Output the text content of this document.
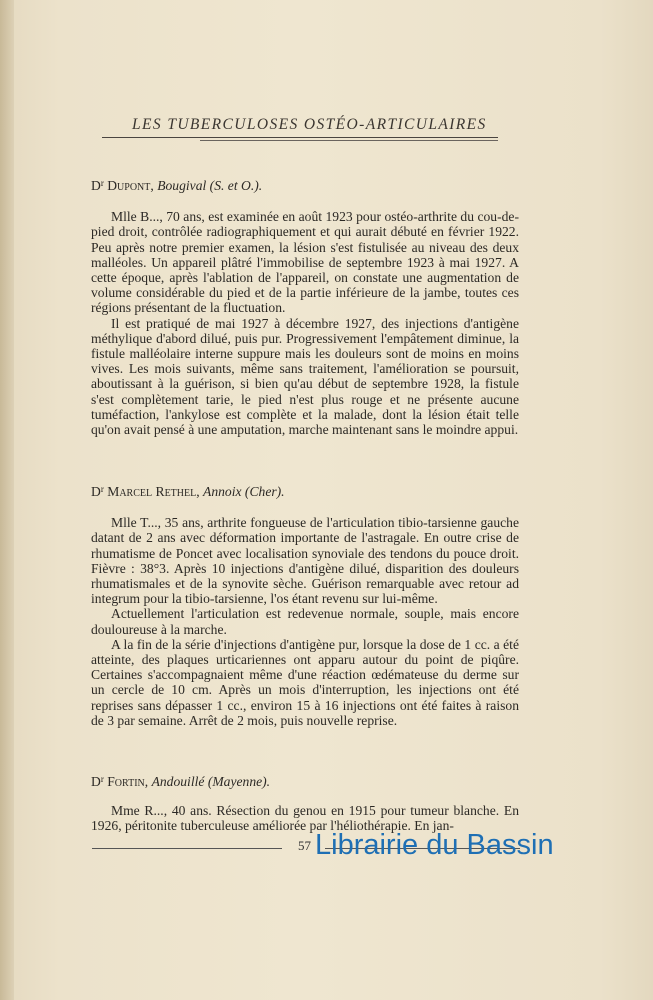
LES TUBERCULOSES OSTÉO-ARTICULAIRES
$D^r$ Dupont, Bougival (S. et O.).

Mlle B..., 70 ans, est examinée en août 1923 pour ostéo-arthrite du cou-de-pied droit, contrôlée radiographiquement et qui aurait débuté en février 1922. Peu après notre premier examen, la lésion s'est fistulisée au niveau des deux malléoles. Un appareil plâtré l'immobilise de septembre 1923 à mai 1927. A cette époque, après l'ablation de l'appareil, on constate une augmentation de volume considérable du pied et de la partie inférieure de la jambe, toutes ces régions présentant de la fluctuation.

Il est pratiqué de mai 1927 à décembre 1927, des injections d'antigène méthylique d'abord dilué, puis pur. Progressivement l'empâtement diminue, la fistule malléolaire interne suppure mais les douleurs sont de moins en moins vives. Les mois suivants, même sans traitement, l'amélioration se poursuit, aboutissant à la guérison, si bien qu'au début de septembre 1928, la fistule s'est complètement tarie, le pied n'est plus rouge et ne présente aucune tuméfaction, l'ankylose est complète et la malade, dont la lésion était telle qu'on avait pensé à une amputation, marche maintenant sans le moindre appui.

$D^r$ Marcel Rethel, Annoix (Cher).

Mlle T..., 35 ans, arthrite fongueuse de l'articulation tibio-tarsienne gauche datant de 2 ans avec déformation importante de l'astragale. En outre crise de rhumatisme de Poncet avec localisation synoviale des tendons du pouce droit. Fièvre : 38°3. Après 10 injections d'antigène dilué, disparition des douleurs rhumatismales et de la synovite sèche. Guérison remarquable avec retour ad integrum pour la tibio-tarsienne, l'os étant revenu sur lui-même.

Actuellement l'articulation est redevenue normale, souple, mais encore douloureuse à la marche.

A la fin de la série d'injections d'antigène pur, lorsque la dose de 1 cc. a été atteinte, des plaques urticariennes ont apparu autour du point de piqûre. Certaines s'accompagnaient même d'une réaction œdémateuse du derme sur un cercle de 10 cm. Après un mois d'interruption, les injections ont été reprises sans dépasser 1 cc., environ 15 à 16 injections ont été faites à raison de 3 par semaine. Arrêt de 2 mois, puis nouvelle reprise.

$D^r$ Fortin, Andouillé (Mayenne).

Mme R..., 40 ans. Résection du genou en 1915 pour tumeur blanche. En 1926, péritonite tuberculeuse améliorée par l'héliothérapie. En jan-

57 Librairie du Bassin
